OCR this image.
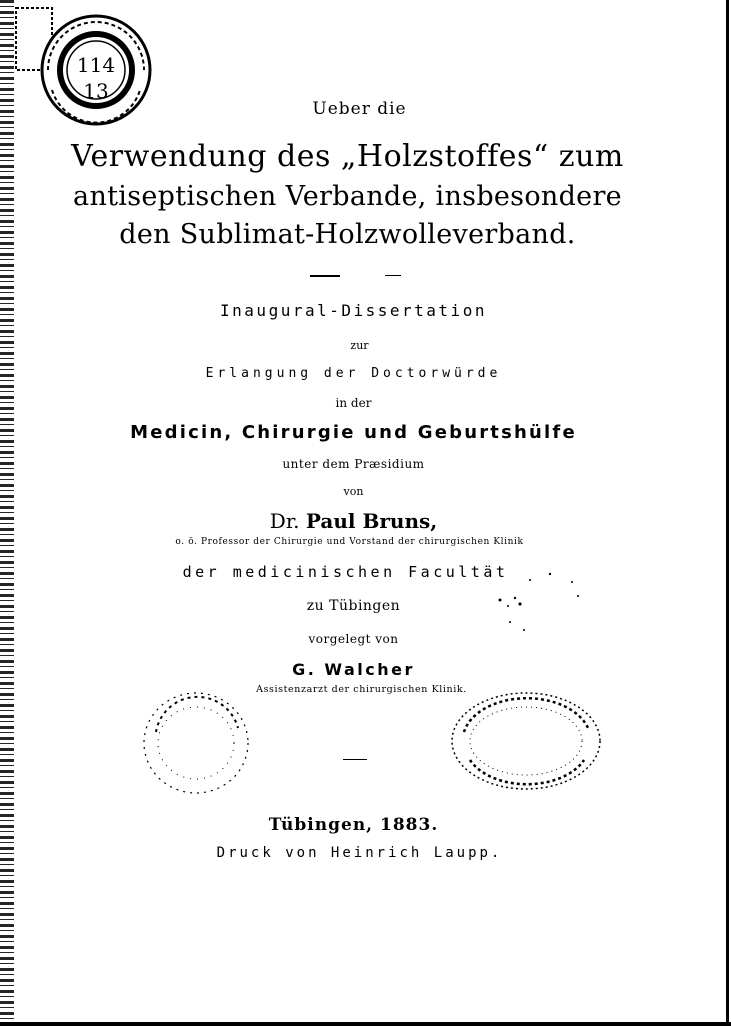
114
13
Ueber die
Verwendung des „Holzstoffes“ zum
antiseptischen Verbande, insbesondere
den Sublimat-Holzwolleverband.
Inaugural-Dissertation
zur
Erlangung der Doctorwürde
in der
Medicin, Chirurgie und Geburtshülfe
unter dem Præsidium
von
Dr. Paul Bruns,
o. ö. Professor der Chirurgie und Vorstand der chirurgischen Klinik
der medicinischen Facultät
zu Tübingen
vorgelegt von
G. Walcher
Assistenzarzt der chirurgischen Klinik.
Tübingen, 1883.
Druck von Heinrich Laupp.
